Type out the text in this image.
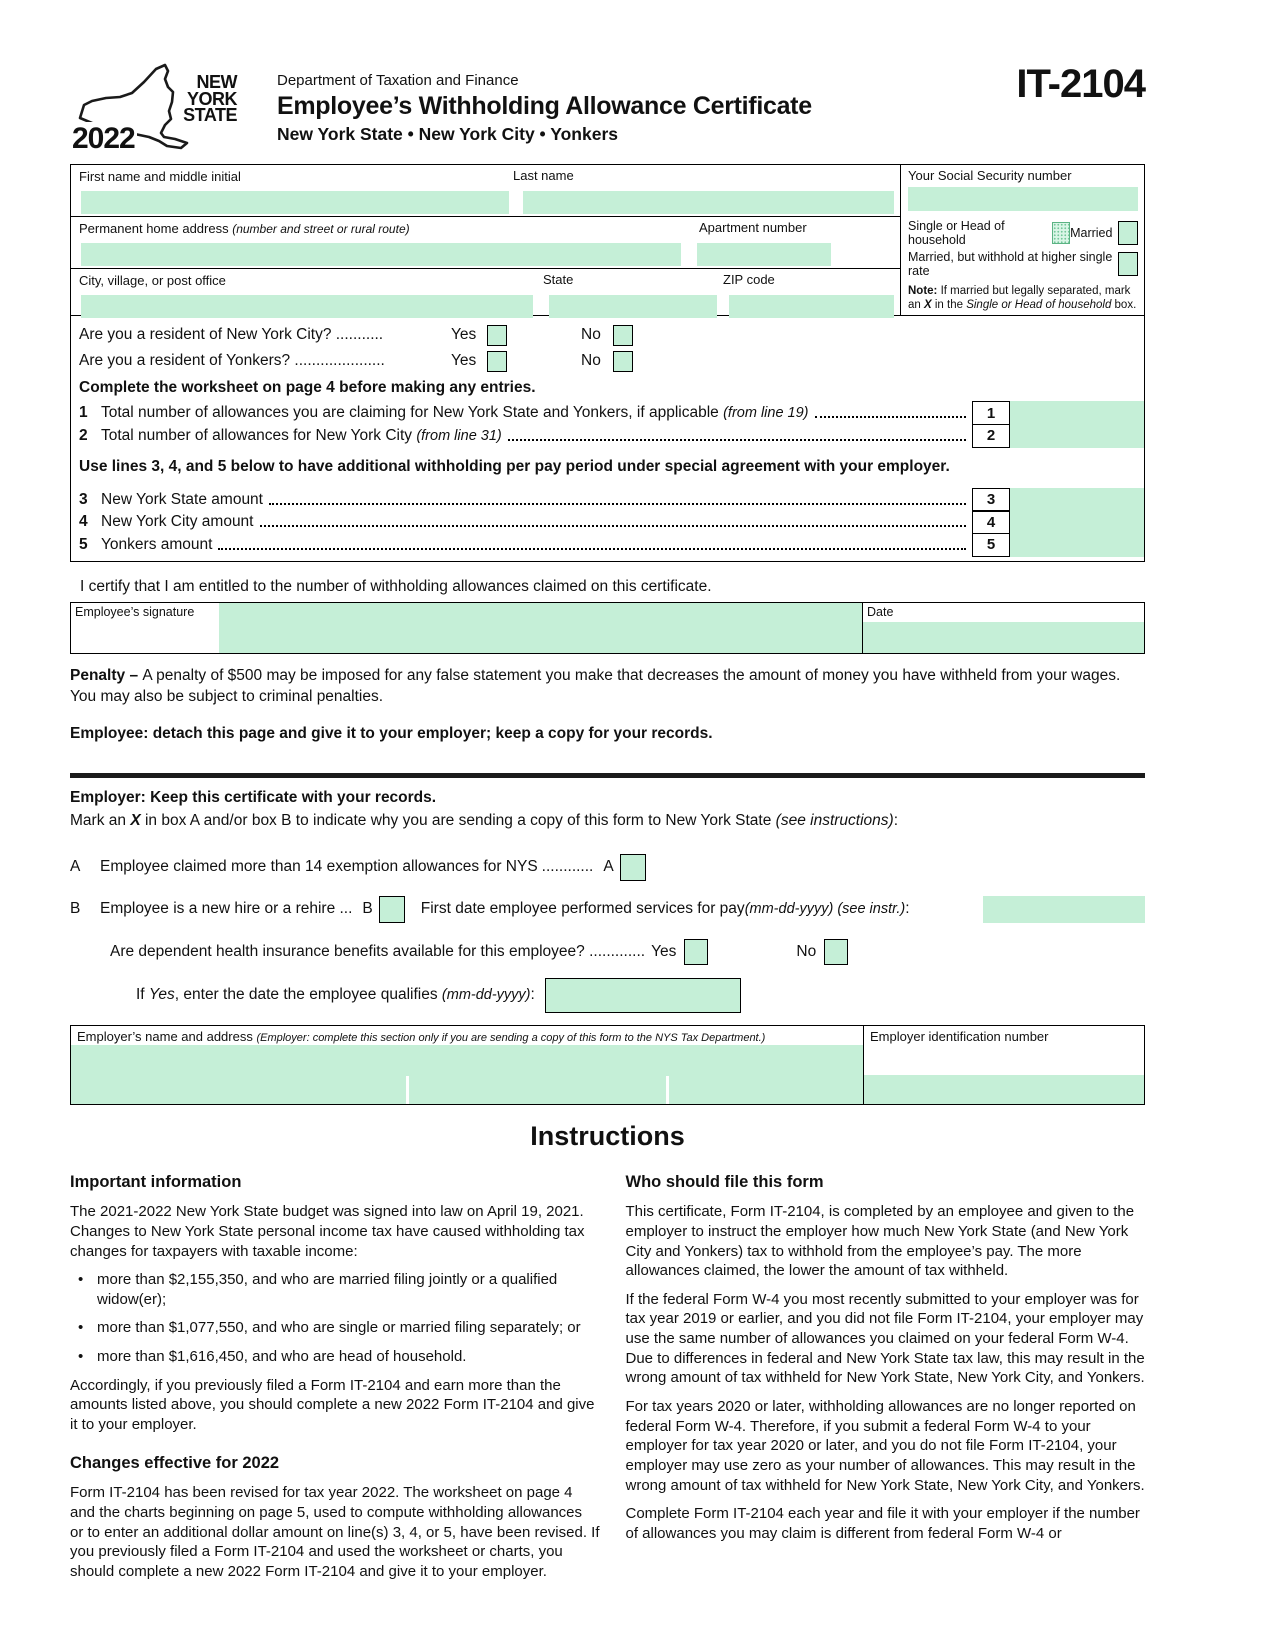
NEW
YORK
STATE
2022
Department of Taxation and Finance
Employee’s Withholding Allowance Certificate
New York State • New York City • Yonkers
IT-2104
First name and middle initial	Last name
Permanent home address (number and street or rural route)	Apartment number
City, village, or post office	State	ZIP code
Your Social Security number
Single or Head of household	Married
Married, but withhold at higher single rate
Note: If married but legally separated, mark an X in the Single or Head of household box.
Are you a resident of New York City? ...........	Yes	No
Are you a resident of Yonkers? .....................	Yes	No
Complete the worksheet on page 4 before making any entries.
1 Total number of allowances you are claiming for New York State and Yonkers, if applicable (from line 19)	1
2 Total number of allowances for New York City (from line 31)	2
Use lines 3, 4, and 5 below to have additional withholding per pay period under special agreement with your employer.
3 New York State amount	3
4 New York City amount	4
5 Yonkers amount	5
I certify that I am entitled to the number of withholding allowances claimed on this certificate.
Employee’s signature	Date
Penalty – A penalty of $500 may be imposed for any false statement you make that decreases the amount of money you have withheld from your wages. You may also be subject to criminal penalties.
Employee: detach this page and give it to your employer; keep a copy for your records.
Employer: Keep this certificate with your records.
Mark an X in box A and/or box B to indicate why you are sending a copy of this form to New York State (see instructions):
A	Employee claimed more than 14 exemption allowances for NYS ............ A
B	Employee is a new hire or a rehire ... B	First date employee performed services for pay (mm-dd-yyyy) (see instr.) :
Are dependent health insurance benefits available for this employee? ............. Yes	No
If Yes, enter the date the employee qualifies (mm-dd-yyyy):
Employer’s name and address (Employer: complete this section only if you are sending a copy of this form to the NYS Tax Department.)	Employer identification number
Instructions
Important information

The 2021-2022 New York State budget was signed into law on April 19, 2021. Changes to New York State personal income tax have caused withholding tax changes for taxpayers with taxable income:

• more than $2,155,350, and who are married filing jointly or a qualified widow(er);
• more than $1,077,550, and who are single or married filing separately; or
• more than $1,616,450, and who are head of household.

Accordingly, if you previously filed a Form IT-2104 and earn more than the amounts listed above, you should complete a new 2022 Form IT-2104 and give it to your employer.

Changes effective for 2022

Form IT-2104 has been revised for tax year 2022. The worksheet on page 4 and the charts beginning on page 5, used to compute withholding allowances or to enter an additional dollar amount on line(s) 3, 4, or 5, have been revised. If you previously filed a Form IT-2104 and used the worksheet or charts, you should complete a new 2022 Form IT-2104 and give it to your employer.

Who should file this form

This certificate, Form IT-2104, is completed by an employee and given to the employer to instruct the employer how much New York State (and New York City and Yonkers) tax to withhold from the employee’s pay. The more allowances claimed, the lower the amount of tax withheld.

If the federal Form W-4 you most recently submitted to your employer was for tax year 2019 or earlier, and you did not file Form IT-2104, your employer may use the same number of allowances you claimed on your federal Form W-4. Due to differences in federal and New York State tax law, this may result in the wrong amount of tax withheld for New York State, New York City, and Yonkers.

For tax years 2020 or later, withholding allowances are no longer reported on federal Form W-4. Therefore, if you submit a federal Form W-4 to your employer for tax year 2020 or later, and you do not file Form IT-2104, your employer may use zero as your number of allowances. This may result in the wrong amount of tax withheld for New York State, New York City, and Yonkers.

Complete Form IT-2104 each year and file it with your employer if the number of allowances you may claim is different from federal Form W-4 or
